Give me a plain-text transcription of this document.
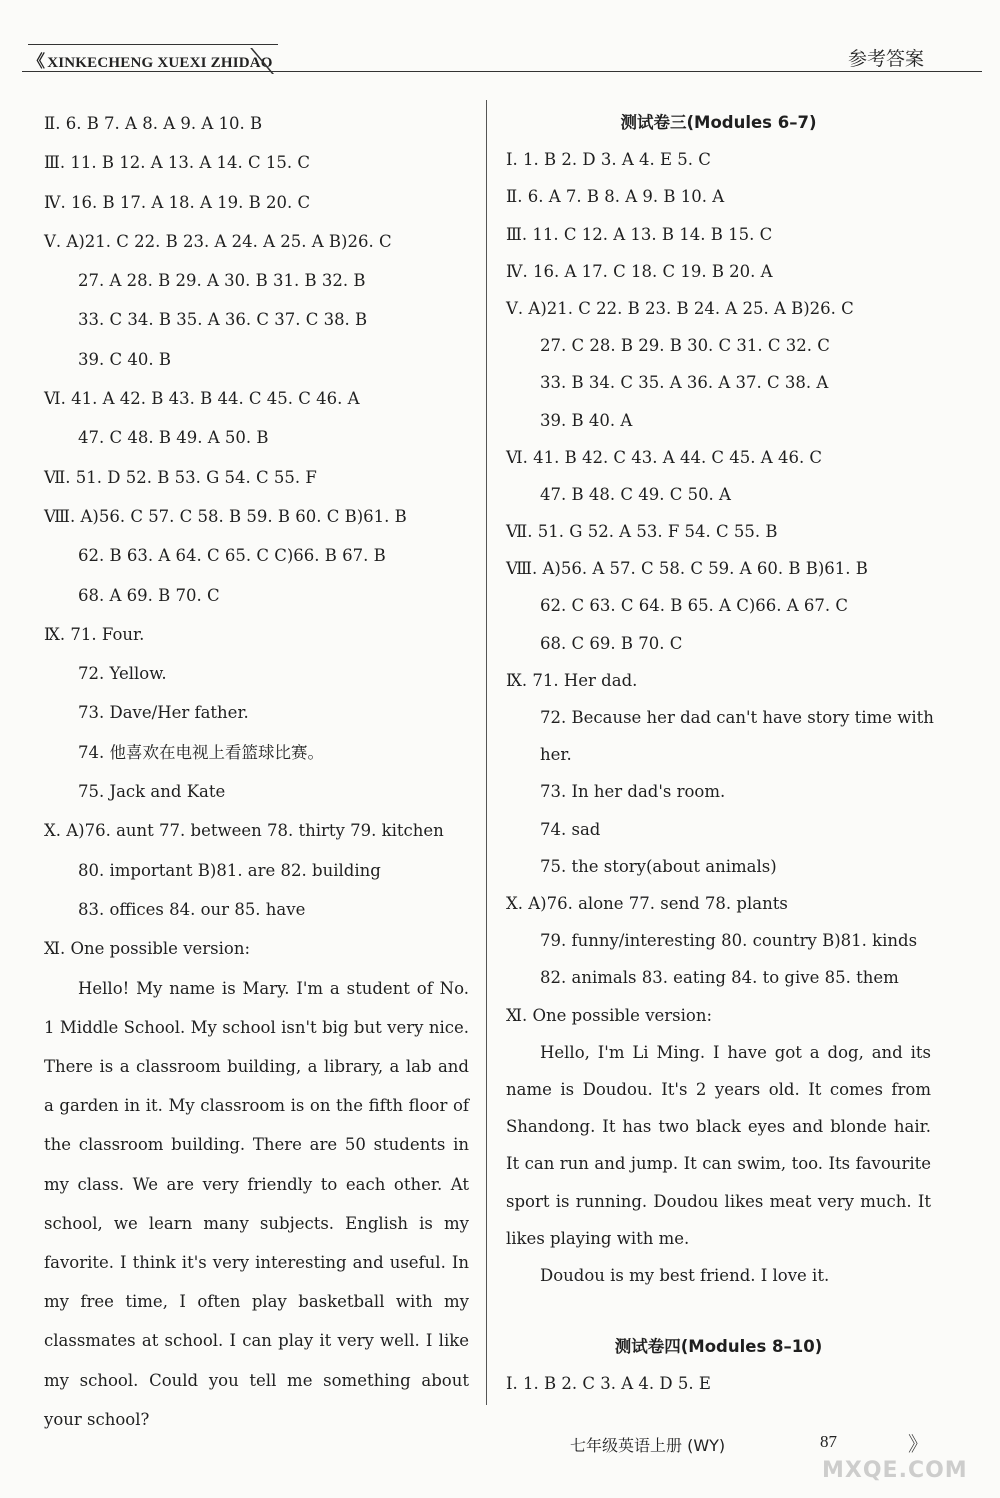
《 XINKECHENG XUEXI ZHIDAO	参考答案
Ⅱ. 6. B 7. A 8. A 9. A 10. B
Ⅲ. 11. B 12. A 13. A 14. C 15. C
Ⅳ. 16. B 17. A 18. A 19. B 20. C
Ⅴ. A)21. C 22. B 23. A 24. A 25. A B)26. C
27. A 28. B 29. A 30. B 31. B 32. B
33. C 34. B 35. A 36. C 37. C 38. B
39. C 40. B
Ⅵ. 41. A 42. B 43. B 44. C 45. C 46. A
47. C 48. B 49. A 50. B
Ⅶ. 51. D 52. B 53. G 54. C 55. F
Ⅷ. A)56. C 57. C 58. B 59. B 60. C B)61. B
62. B 63. A 64. C 65. C C)66. B 67. B
68. A 69. B 70. C
Ⅸ. 71. Four.
72. Yellow.
73. Dave/Her father.
74. 他喜欢在电视上看篮球比赛。
75. Jack and Kate
Ⅹ. A)76. aunt 77. between 78. thirty 79. kitchen
80. important B)81. are 82. building
83. offices 84. our 85. have
Ⅺ. One possible version:

Hello! My name is Mary. I'm a student of No. 1 Middle School. My school isn't big but very nice. There is a classroom building, a library, a lab and a garden in it. My classroom is on the fifth floor of the classroom building. There are 50 students in my class. We are very friendly to each other. At school, we learn many subjects. English is my favorite. I think it's very interesting and useful. In my free time, I often play basketball with my classmates at school. I can play it very well. I like my school. Could you tell me something about your school?

测试卷三(Modules 6–7)
Ⅰ. 1. B 2. D 3. A 4. E 5. C
Ⅱ. 6. A 7. B 8. A 9. B 10. A
Ⅲ. 11. C 12. A 13. B 14. B 15. C
Ⅳ. 16. A 17. C 18. C 19. B 20. A
Ⅴ. A)21. C 22. B 23. B 24. A 25. A B)26. C
27. C 28. B 29. B 30. C 31. C 32. C
33. B 34. C 35. A 36. A 37. C 38. A
39. B 40. A
Ⅵ. 41. B 42. C 43. A 44. C 45. A 46. C
47. B 48. C 49. C 50. A
Ⅶ. 51. G 52. A 53. F 54. C 55. B
Ⅷ. A)56. A 57. C 58. C 59. A 60. B B)61. B
62. C 63. C 64. B 65. A C)66. A 67. C
68. C 69. B 70. C
Ⅸ. 71. Her dad.
72. Because her dad can't have story time with
her.
73. In her dad's room.
74. sad
75. the story(about animals)
Ⅹ. A)76. alone 77. send 78. plants
79. funny/interesting 80. country B)81. kinds
82. animals 83. eating 84. to give 85. them
Ⅺ. One possible version:

Hello, I'm Li Ming. I have got a dog, and its name is Doudou. It's 2 years old. It comes from Shandong. It has two black eyes and blonde hair. It can run and jump. It can swim, too. Its favourite sport is running. Doudou likes meat very much. It likes playing with me.

Doudou is my best friend. I love it.

测试卷四(Modules 8–10)
Ⅰ. 1. B 2. C 3. A 4. D 5. E
七年级英语上册 (WY)	87	》
MXQE.COM
